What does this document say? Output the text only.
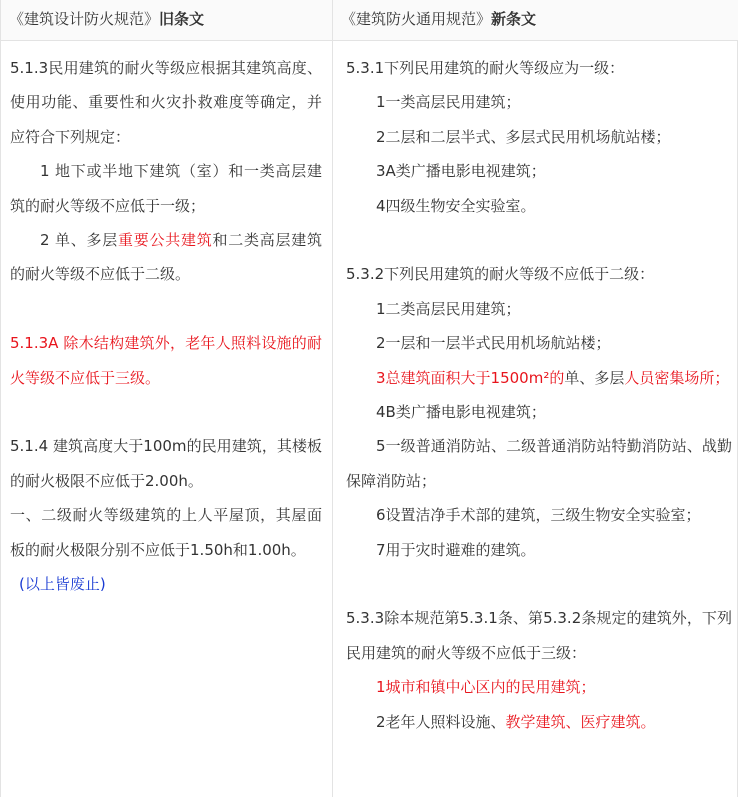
《建筑设计防火规范》旧条文

5.1.3民用建筑的耐火等级应根据其建筑高度、使用功能、重要性和火灾扑救难度等确定，并应符合下列规定：

1 地下或半地下建筑（室）和一类高层建筑的耐火等级不应低于一级；

2 单、多层重要公共建筑和二类高层建筑的耐火等级不应低于二级。

5.1.3A 除木结构建筑外，老年人照料设施的耐火等级不应低于三级。

5.1.4 建筑高度大于100m的民用建筑，其楼板的耐火极限不应低于2.00h。

一、二级耐火等级建筑的上人平屋顶，其屋面板的耐火极限分别不应低于1.50h和1.00h。

(以上皆废止)

《建筑防火通用规范》新条文

5.3.1下列民用建筑的耐火等级应为一级：

1一类高层民用建筑；

2二层和二层半式、多层式民用机场航站楼；

3A类广播电影电视建筑；

4四级生物安全实验室。

5.3.2下列民用建筑的耐火等级不应低于二级：

1二类高层民用建筑；

2一层和一层半式民用机场航站楼；

3总建筑面积大于1500m²的单、多层人员密集场所；

4B类广播电影电视建筑；

5一级普通消防站、二级普通消防站特勤消防站、战勤保障消防站；

6设置洁净手术部的建筑，三级生物安全实验室；

7用于灾时避难的建筑。

5.3.3除本规范第5.3.1条、第5.3.2条规定的建筑外，下列民用建筑的耐火等级不应低于三级：

1城市和镇中心区内的民用建筑；

2老年人照料设施、教学建筑、医疗建筑。
